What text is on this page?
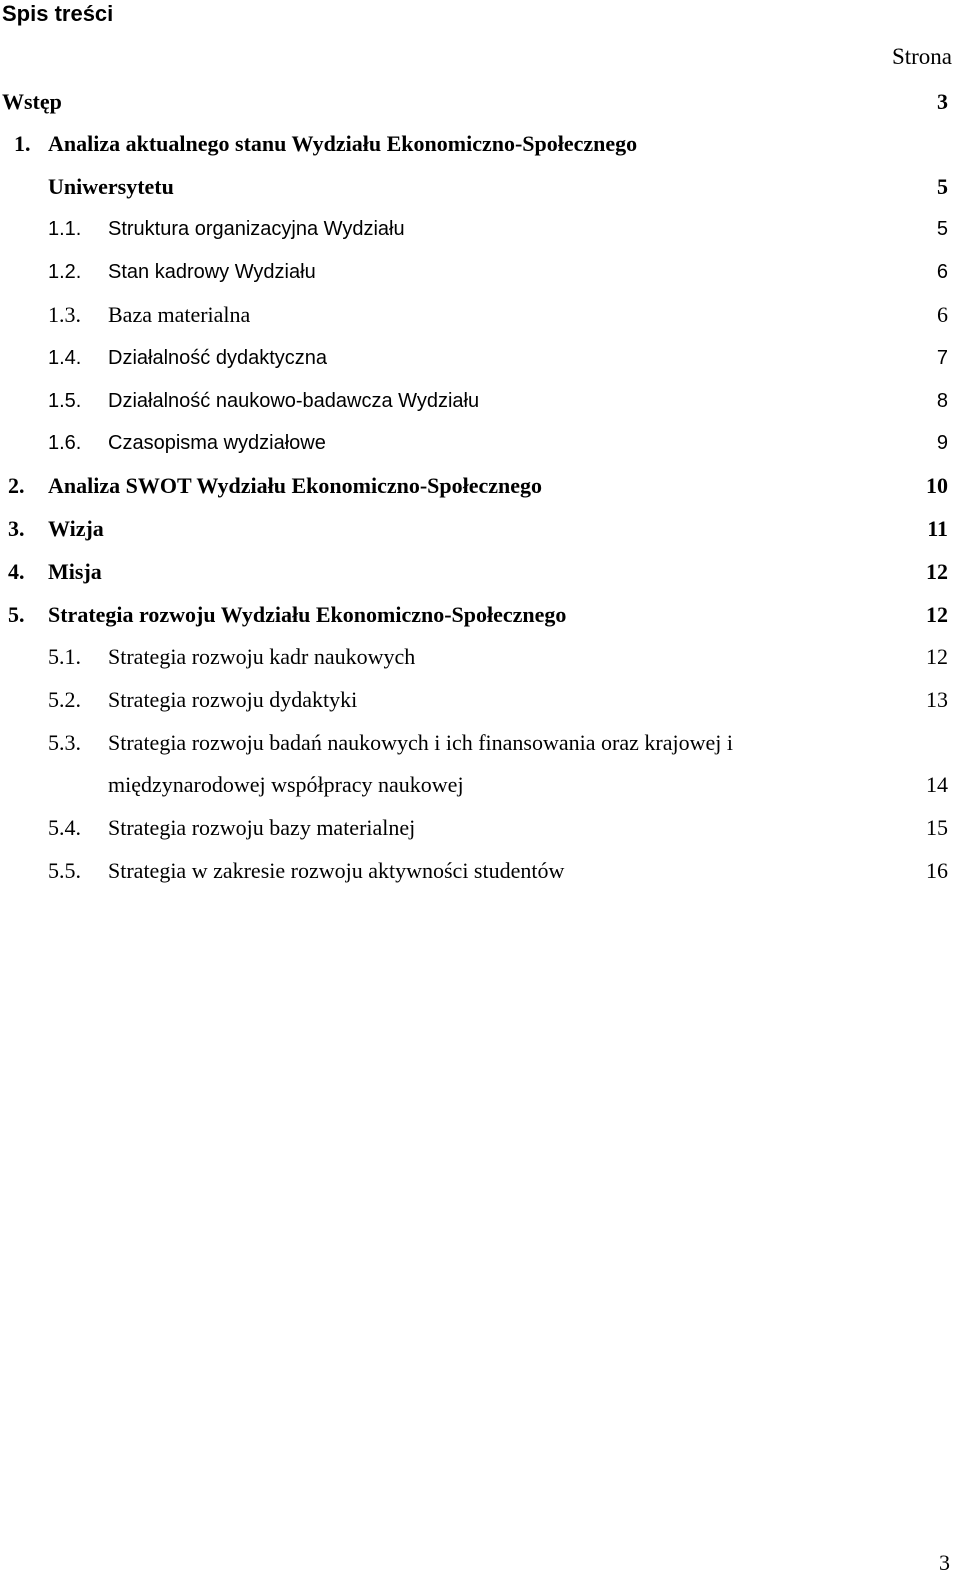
Spis treści
Strona
Wstęp	3
1. Analiza aktualnego stanu Wydziału Ekonomiczno-Społecznego
Uniwersytetu	5
1.1. Struktura organizacyjna Wydziału	5
1.2. Stan kadrowy Wydziału	6
1.3. Baza materialna	6
1.4. Działalność dydaktyczna	7
1.5. Działalność naukowo-badawcza Wydziału	8
1.6. Czasopisma wydziałowe	9
2. Analiza SWOT Wydziału Ekonomiczno-Społecznego	10
3. Wizja	11
4. Misja	12
5. Strategia rozwoju Wydziału Ekonomiczno-Społecznego	12
5.1. Strategia rozwoju kadr naukowych	12
5.2. Strategia rozwoju dydaktyki	13
5.3. Strategia rozwoju badań naukowych i ich finansowania oraz krajowej i
międzynarodowej współpracy naukowej	14
5.4. Strategia rozwoju bazy materialnej	15
5.5. Strategia w zakresie rozwoju aktywności studentów	16
3
